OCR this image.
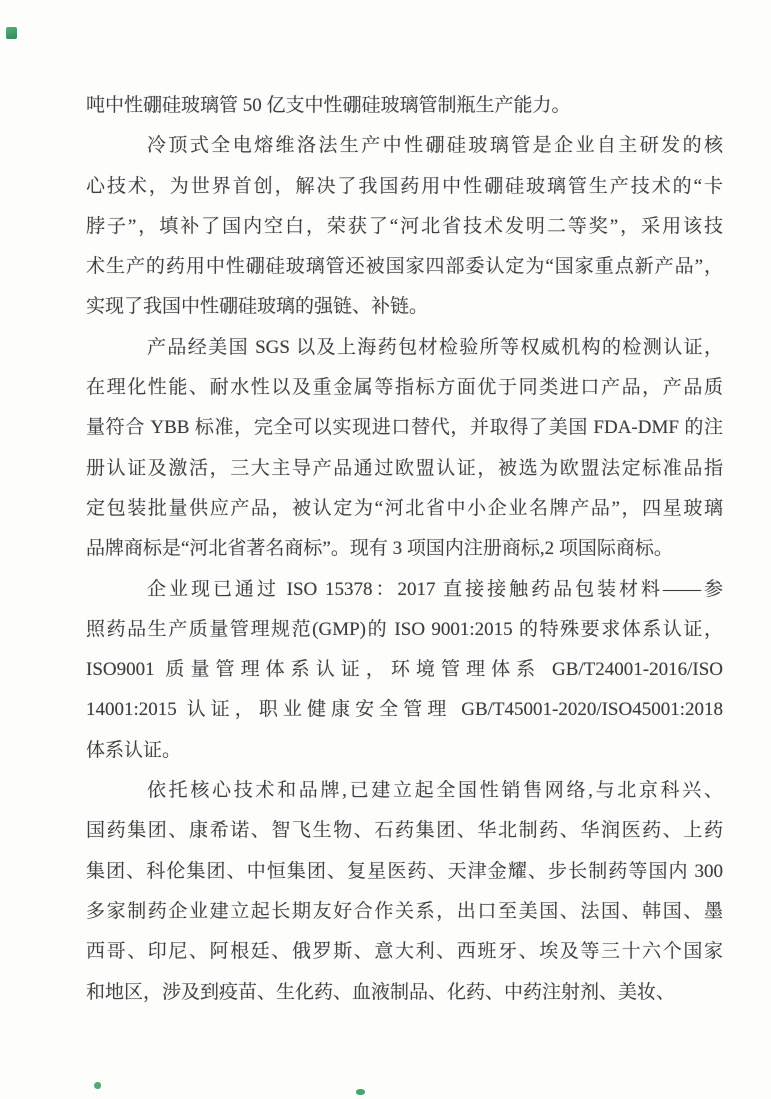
吨中性硼硅玻璃管 50 亿支中性硼硅玻璃管制瓶生产能力。
冷顶式全电熔维洛法生产中性硼硅玻璃管是企业自主研发的核
心技术，为世界首创，解决了我国药用中性硼硅玻璃管生产技术的“卡
脖子”，填补了国内空白，荣获了“河北省技术发明二等奖”，采用该技
术生产的药用中性硼硅玻璃管还被国家四部委认定为“国家重点新产品”，
实现了我国中性硼硅玻璃的强链、补链。
产品经美国 SGS 以及上海药包材检验所等权威机构的检测认证，
在理化性能、耐水性以及重金属等指标方面优于同类进口产品，产品质
量符合 YBB 标准，完全可以实现进口替代，并取得了美国 FDA-DMF 的注
册认证及激活，三大主导产品通过欧盟认证，被选为欧盟法定标准品指
定包装批量供应产品，被认定为“河北省中小企业名牌产品”，四星玻璃
品牌商标是“河北省著名商标”。现有 3 项国内注册商标,2 项国际商标。
企业现已通过 ISO 15378：2017 直接接触药品包装材料——参
照药品生产质量管理规范(GMP)的 ISO 9001:2015 的特殊要求体系认证，
ISO9001 质量管理体系认证，环境管理体系 GB/T24001-2016/ISO
14001:2015 认证，职业健康安全管理 GB/T45001-2020/ISO45001:2018
体系认证。
依托核心技术和品牌,已建立起全国性销售网络,与北京科兴、
国药集团、康希诺、智飞生物、石药集团、华北制药、华润医药、上药
集团、科伦集团、中恒集团、复星医药、天津金耀、步长制药等国内 300
多家制药企业建立起长期友好合作关系，出口至美国、法国、韩国、墨
西哥、印尼、阿根廷、俄罗斯、意大利、西班牙、埃及等三十六个国家
和地区，涉及到疫苗、生化药、血液制品、化药、中药注射剂、美妆、
